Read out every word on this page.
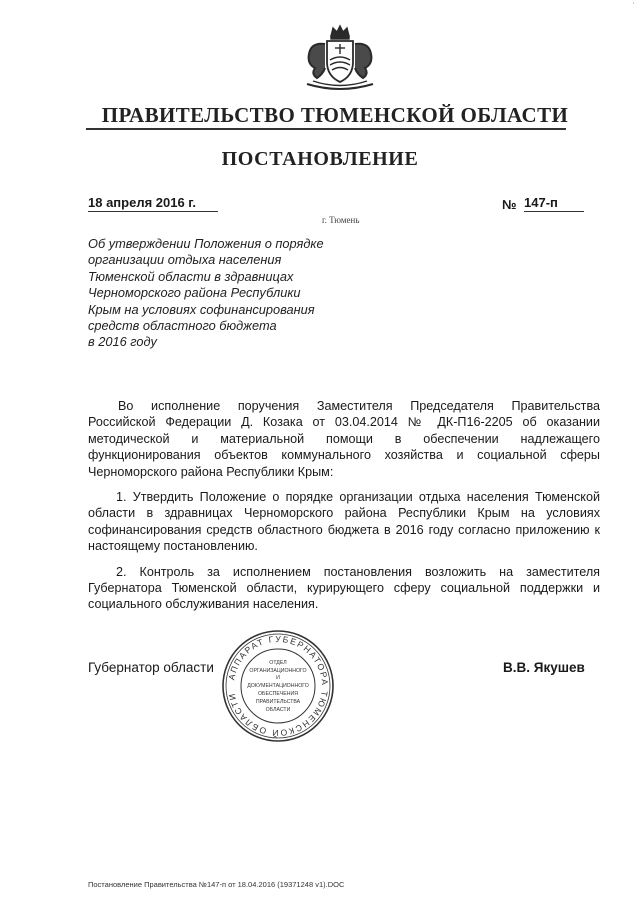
'
ПРАВИТЕЛЬСТВО ТЮМЕНСКОЙ ОБЛАСТИ
ПОСТАНОВЛЕНИЕ
18 апреля 2016 г.	№ 147-п
г. Тюмень
Об утверждении Положения о порядке
организации отдыха населения
Тюменской области в здравницах
Черноморского района Республики
Крым на условиях софинансирования
средств областного бюджета
в 2016 году

Во исполнение поручения Заместителя Председателя Правительства Российской Федерации Д. Козака от 03.04.2014 № ДК-П16-2205 об оказании методической и материальной помощи в обеспечении надлежащего функционирования объектов коммунального хозяйства и социальной сферы Черноморского района Республики Крым:

1. Утвердить Положение о порядке организации отдыха населения Тюменской области в здравницах Черноморского района Республики Крым на условиях софинансирования средств областного бюджета в 2016 году согласно приложению к настоящему постановлению.

2. Контроль за исполнением постановления возложить на заместителя Губернатора Тюменской области, курирующего сферу социальной поддержки и социального обслуживания населения.

Губернатор области	В.В. Якушев
АППАРАТ ГУБЕРНАТОРА ТЮМЕНСКОЙ ОБЛАСТИ
ОТДЕЛ
ОРГАНИЗАЦИОННОГО
И
ДОКУМЕНТАЦИОННОГО
ОБЕСПЕЧЕНИЯ
ПРАВИТЕЛЬСТВА
ОБЛАСТИ
Постановление Правительства №147-п от 18.04.2016 (19371248 v1).DOC
